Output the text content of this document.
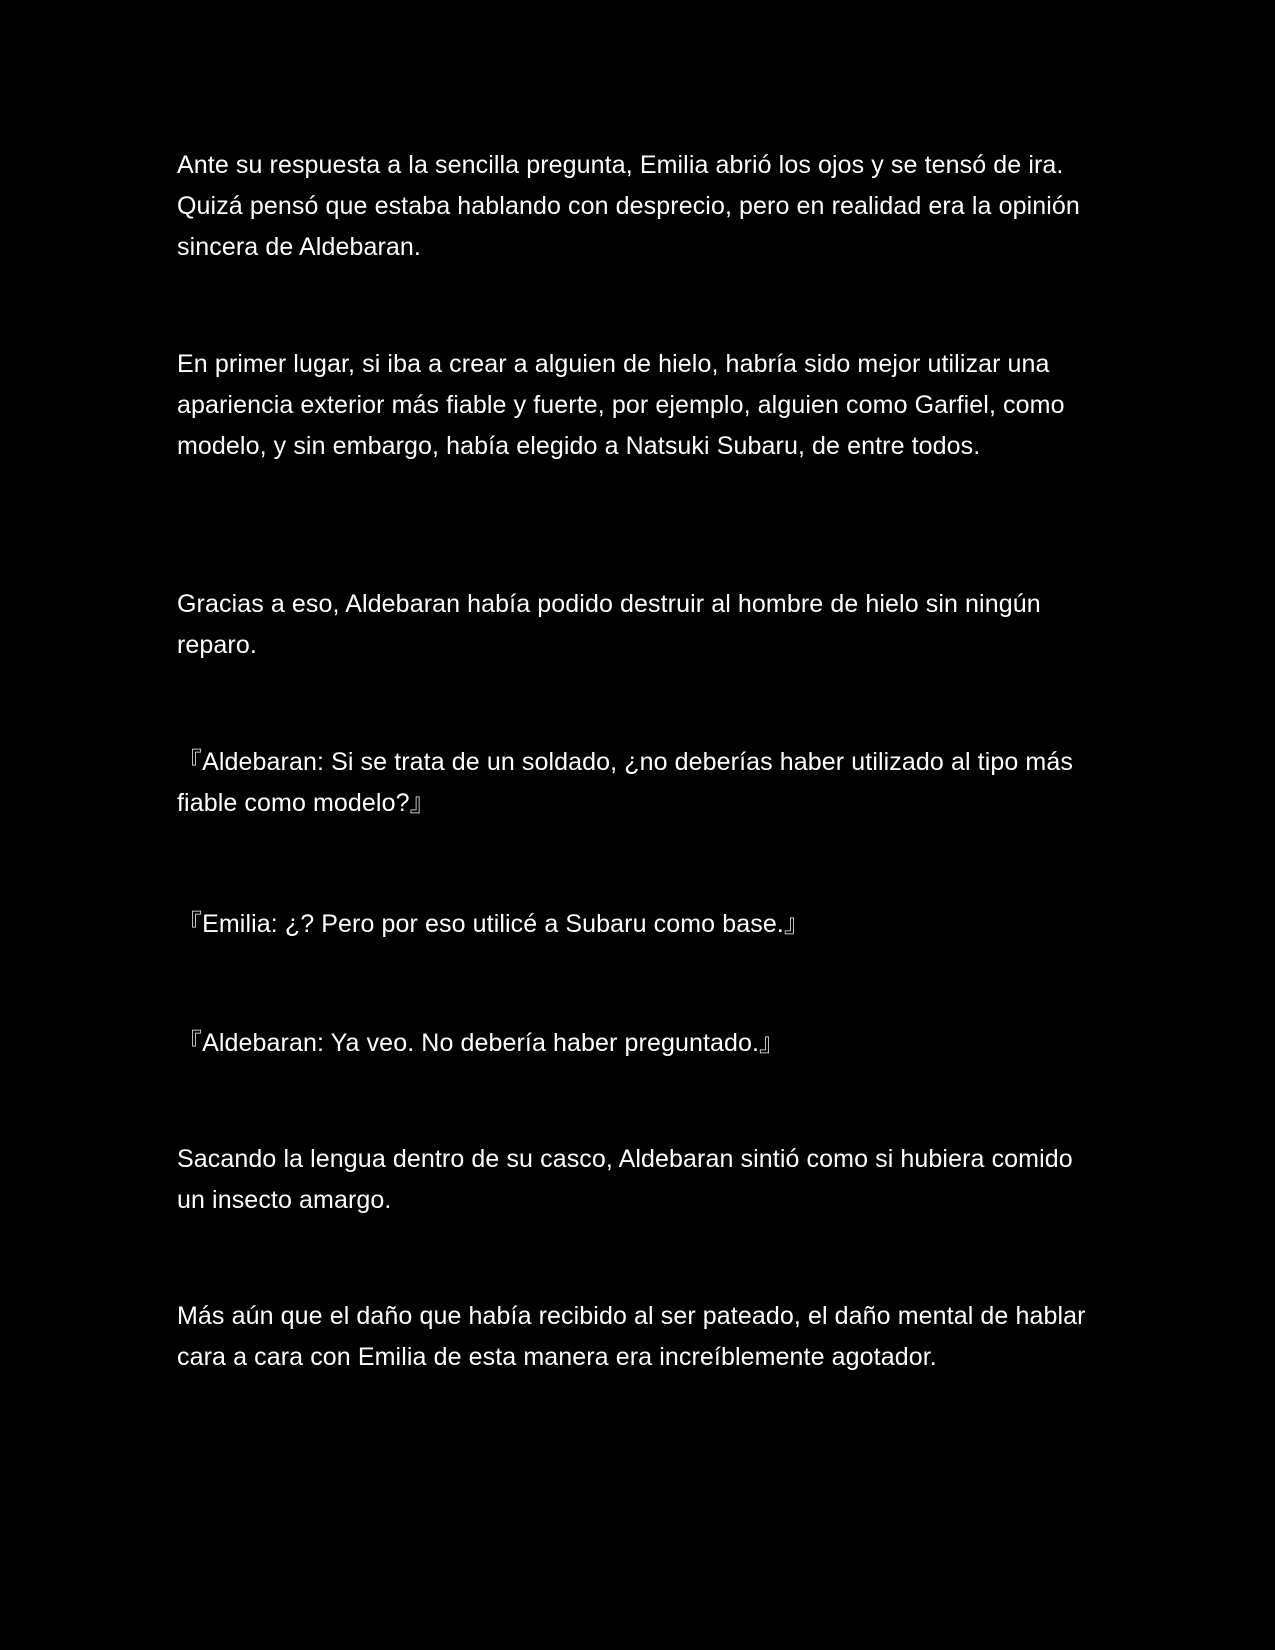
Ante su respuesta a la sencilla pregunta, Emilia abrió los ojos y se tensó de ira. Quizá pensó que estaba hablando con desprecio, pero en realidad era la opinión sincera de Aldebaran.

En primer lugar, si iba a crear a alguien de hielo, habría sido mejor utilizar una apariencia exterior más fiable y fuerte, por ejemplo, alguien como Garfiel, como modelo, y sin embargo, había elegido a Natsuki Subaru, de entre todos.

Gracias a eso, Aldebaran había podido destruir al hombre de hielo sin ningún reparo.

『Aldebaran: Si se trata de un soldado, ¿no deberías haber utilizado al tipo más fiable como modelo?』

『Emilia: ¿? Pero por eso utilicé a Subaru como base.』

『Aldebaran: Ya veo. No debería haber preguntado.』

Sacando la lengua dentro de su casco, Aldebaran sintió como si hubiera comido un insecto amargo.

Más aún que el daño que había recibido al ser pateado, el daño mental de hablar cara a cara con Emilia de esta manera era increíblemente agotador.
